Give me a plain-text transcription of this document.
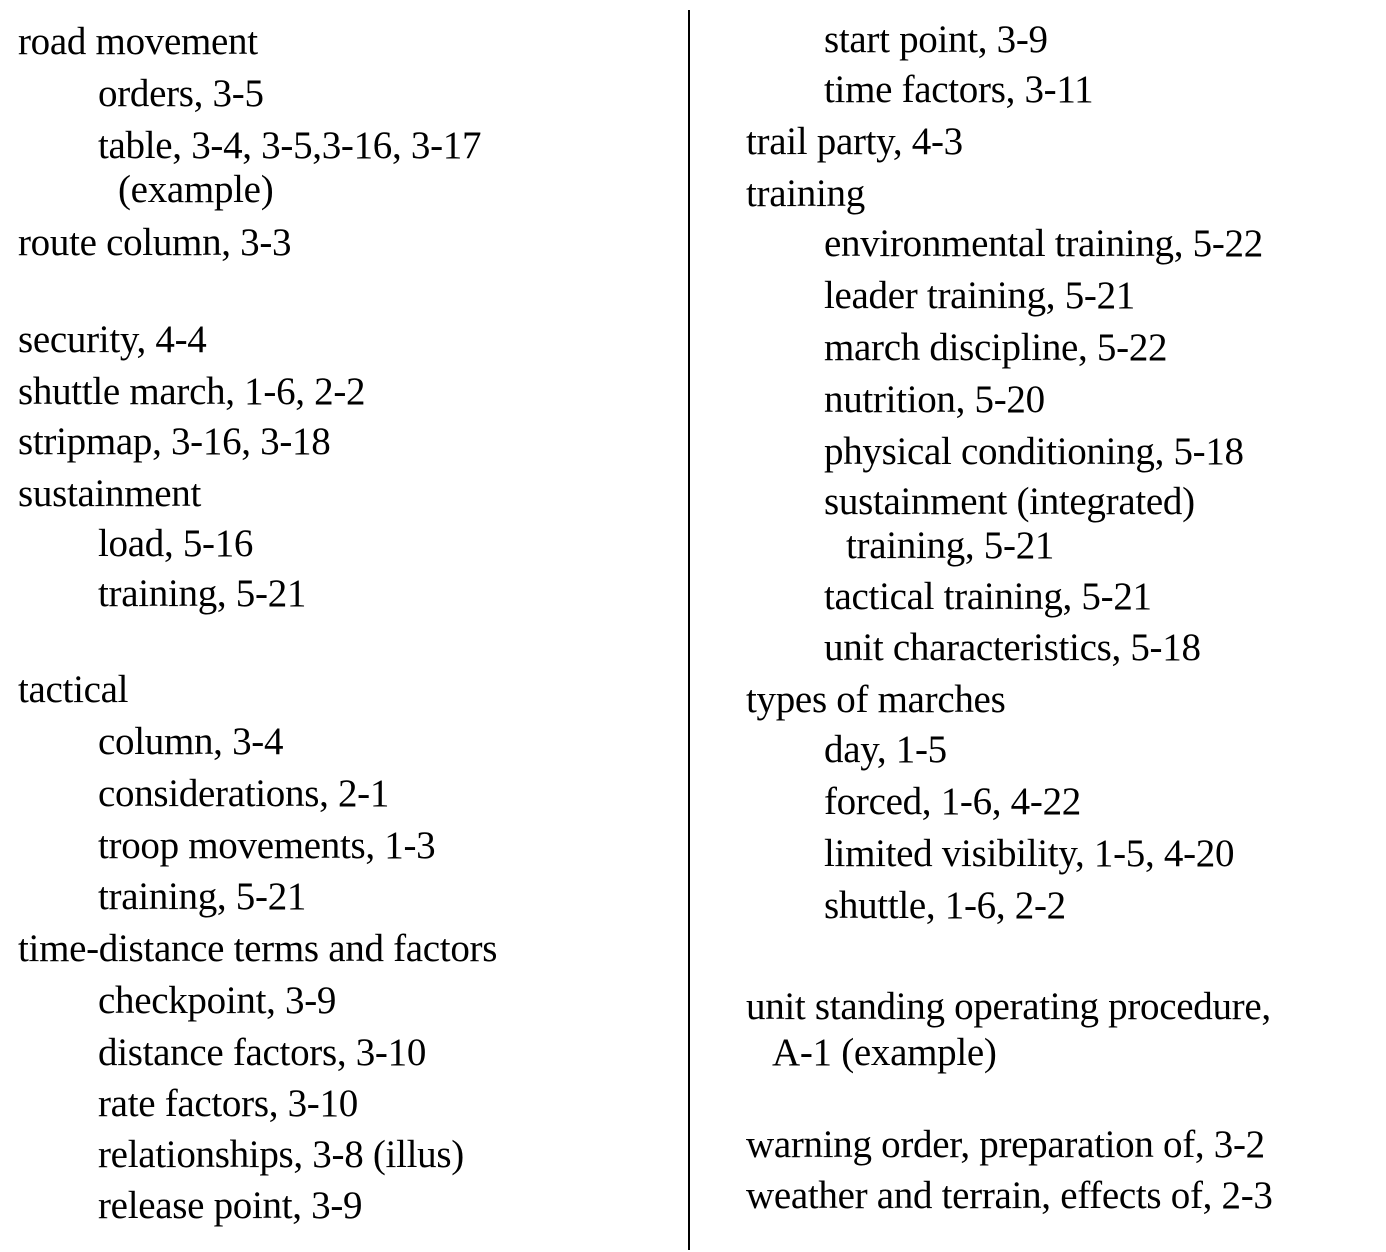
road movement
orders, 3-5
table, 3-4, 3-5,3-16, 3-17
(example)
route column, 3-3
security, 4-4
shuttle march, 1-6, 2-2
stripmap, 3-16, 3-18
sustainment
load, 5-16
training, 5-21
tactical
column, 3-4
considerations, 2-1
troop movements, 1-3
training, 5-21
time-distance terms and factors
checkpoint, 3-9
distance factors, 3-10
rate factors, 3-10
relationships, 3-8 (illus)
release point, 3-9
start point, 3-9
time factors, 3-11
trail party, 4-3
training
environmental training, 5-22
leader training, 5-21
march discipline, 5-22
nutrition, 5-20
physical conditioning, 5-18
sustainment (integrated)
training, 5-21
tactical training, 5-21
unit characteristics, 5-18
types of marches
day, 1-5
forced, 1-6, 4-22
limited visibility, 1-5, 4-20
shuttle, 1-6, 2-2
unit standing operating procedure,
A-1 (example)
warning order, preparation of, 3-2
weather and terrain, effects of, 2-3
